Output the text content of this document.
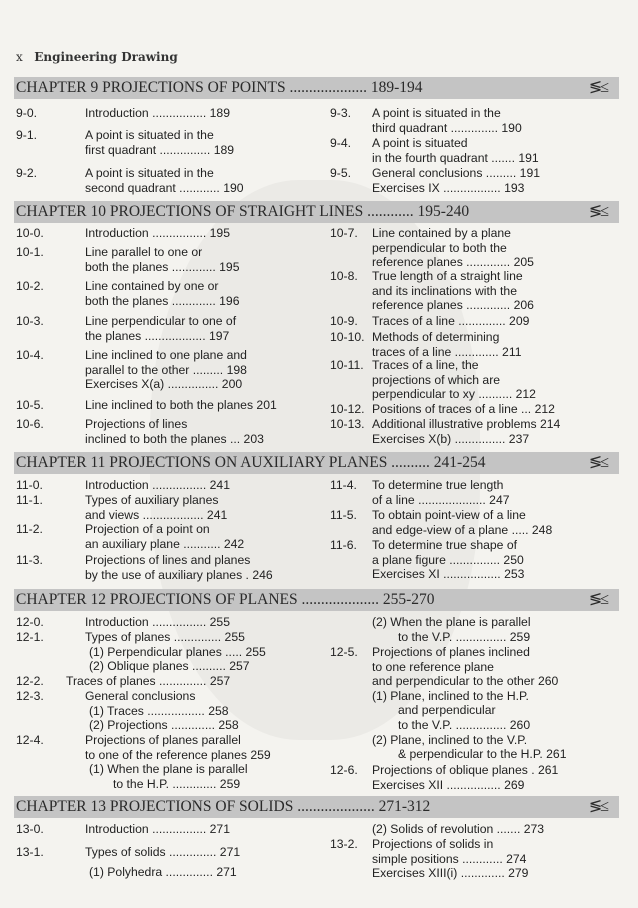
x Engineering Drawing
CHAPTER 9 PROJECTIONS OF POINTS .................... 189-194	≶≤
CHAPTER 10 PROJECTIONS OF STRAIGHT LINES ............ 195-240	≶≤
CHAPTER 11 PROJECTIONS ON AUXILIARY PLANES .......... 241-254	≶≤
CHAPTER 12 PROJECTIONS OF PLANES .................... 255-270	≶≤
CHAPTER 13 PROJECTIONS OF SOLIDS .................... 271-312	≶≤
9-0.	Introduction ................ 189
9-1.	A point is situated in the
first quadrant ............... 189
9-2.	A point is situated in the
second quadrant ............ 190
9-3. A point is situated in the
third quadrant .............. 190
9-4. A point is situated
in the fourth quadrant ....... 191
9-5. General conclusions ......... 191
Exercises IX ................. 193
10-0.	Introduction ................ 195
10-1.	Line parallel to one or
both the planes ............. 195
10-2.	Line contained by one or
both the planes ............. 196
10-3.	Line perpendicular to one of
the planes .................. 197
10-4.	Line inclined to one plane and
parallel to the other ......... 198
Exercises X(a) ............... 200
10-5.	Line inclined to both the planes 201
10-6.	Projections of lines
inclined to both the planes ... 203
10-7. Line contained by a plane
perpendicular to both the
reference planes ............. 205
10-8. True length of a straight line
and its inclinations with the
reference planes ............. 206
10-9. Traces of a line .............. 209
10-10. Methods of determining
traces of a line ............. 211
10-11. Traces of a line, the
projections of which are
perpendicular to xy .......... 212
10-12. Positions of traces of a line ... 212
10-13. Additional illustrative problems 214
Exercises X(b) ............... 237
11-0.	Introduction ................ 241
11-1.	Types of auxiliary planes
and views .................. 241
11-2.	Projection of a point on
an auxiliary plane ........... 242
11-3.	Projections of lines and planes
by the use of auxiliary planes . 246
11-4. To determine true length
of a line .................... 247
11-5. To obtain point-view of a line
and edge-view of a plane ..... 248
11-6. To determine true shape of
a plane figure ............... 250
Exercises XI ................. 253
12-0.	Introduction ................ 255
12-1.	Types of planes .............. 255
(1) Perpendicular planes ..... 255
(2) Oblique planes .......... 257
12-2. Traces of planes .............. 257
12-3.	General conclusions
(1) Traces ................. 258
(2) Projections ............. 258
12-4.	Projections of planes parallel
to one of the reference planes 259
(1) When the plane is parallel
to the H.P. ............. 259
(2) When the plane is parallel
to the V.P. ............... 259
12-5. Projections of planes inclined
to one reference plane
and perpendicular to the other 260
(1) Plane, inclined to the H.P.
and perpendicular
to the V.P. ............... 260
(2) Plane, inclined to the V.P.
& perpendicular to the H.P. 261
12-6. Projections of oblique planes . 261
Exercises XII ................ 269
13-0.	Introduction ................ 271
13-1.	Types of solids .............. 271
(1) Polyhedra .............. 271
(2) Solids of revolution ....... 273
13-2. Projections of solids in
simple positions ............ 274
Exercises XIII(i) ............. 279
